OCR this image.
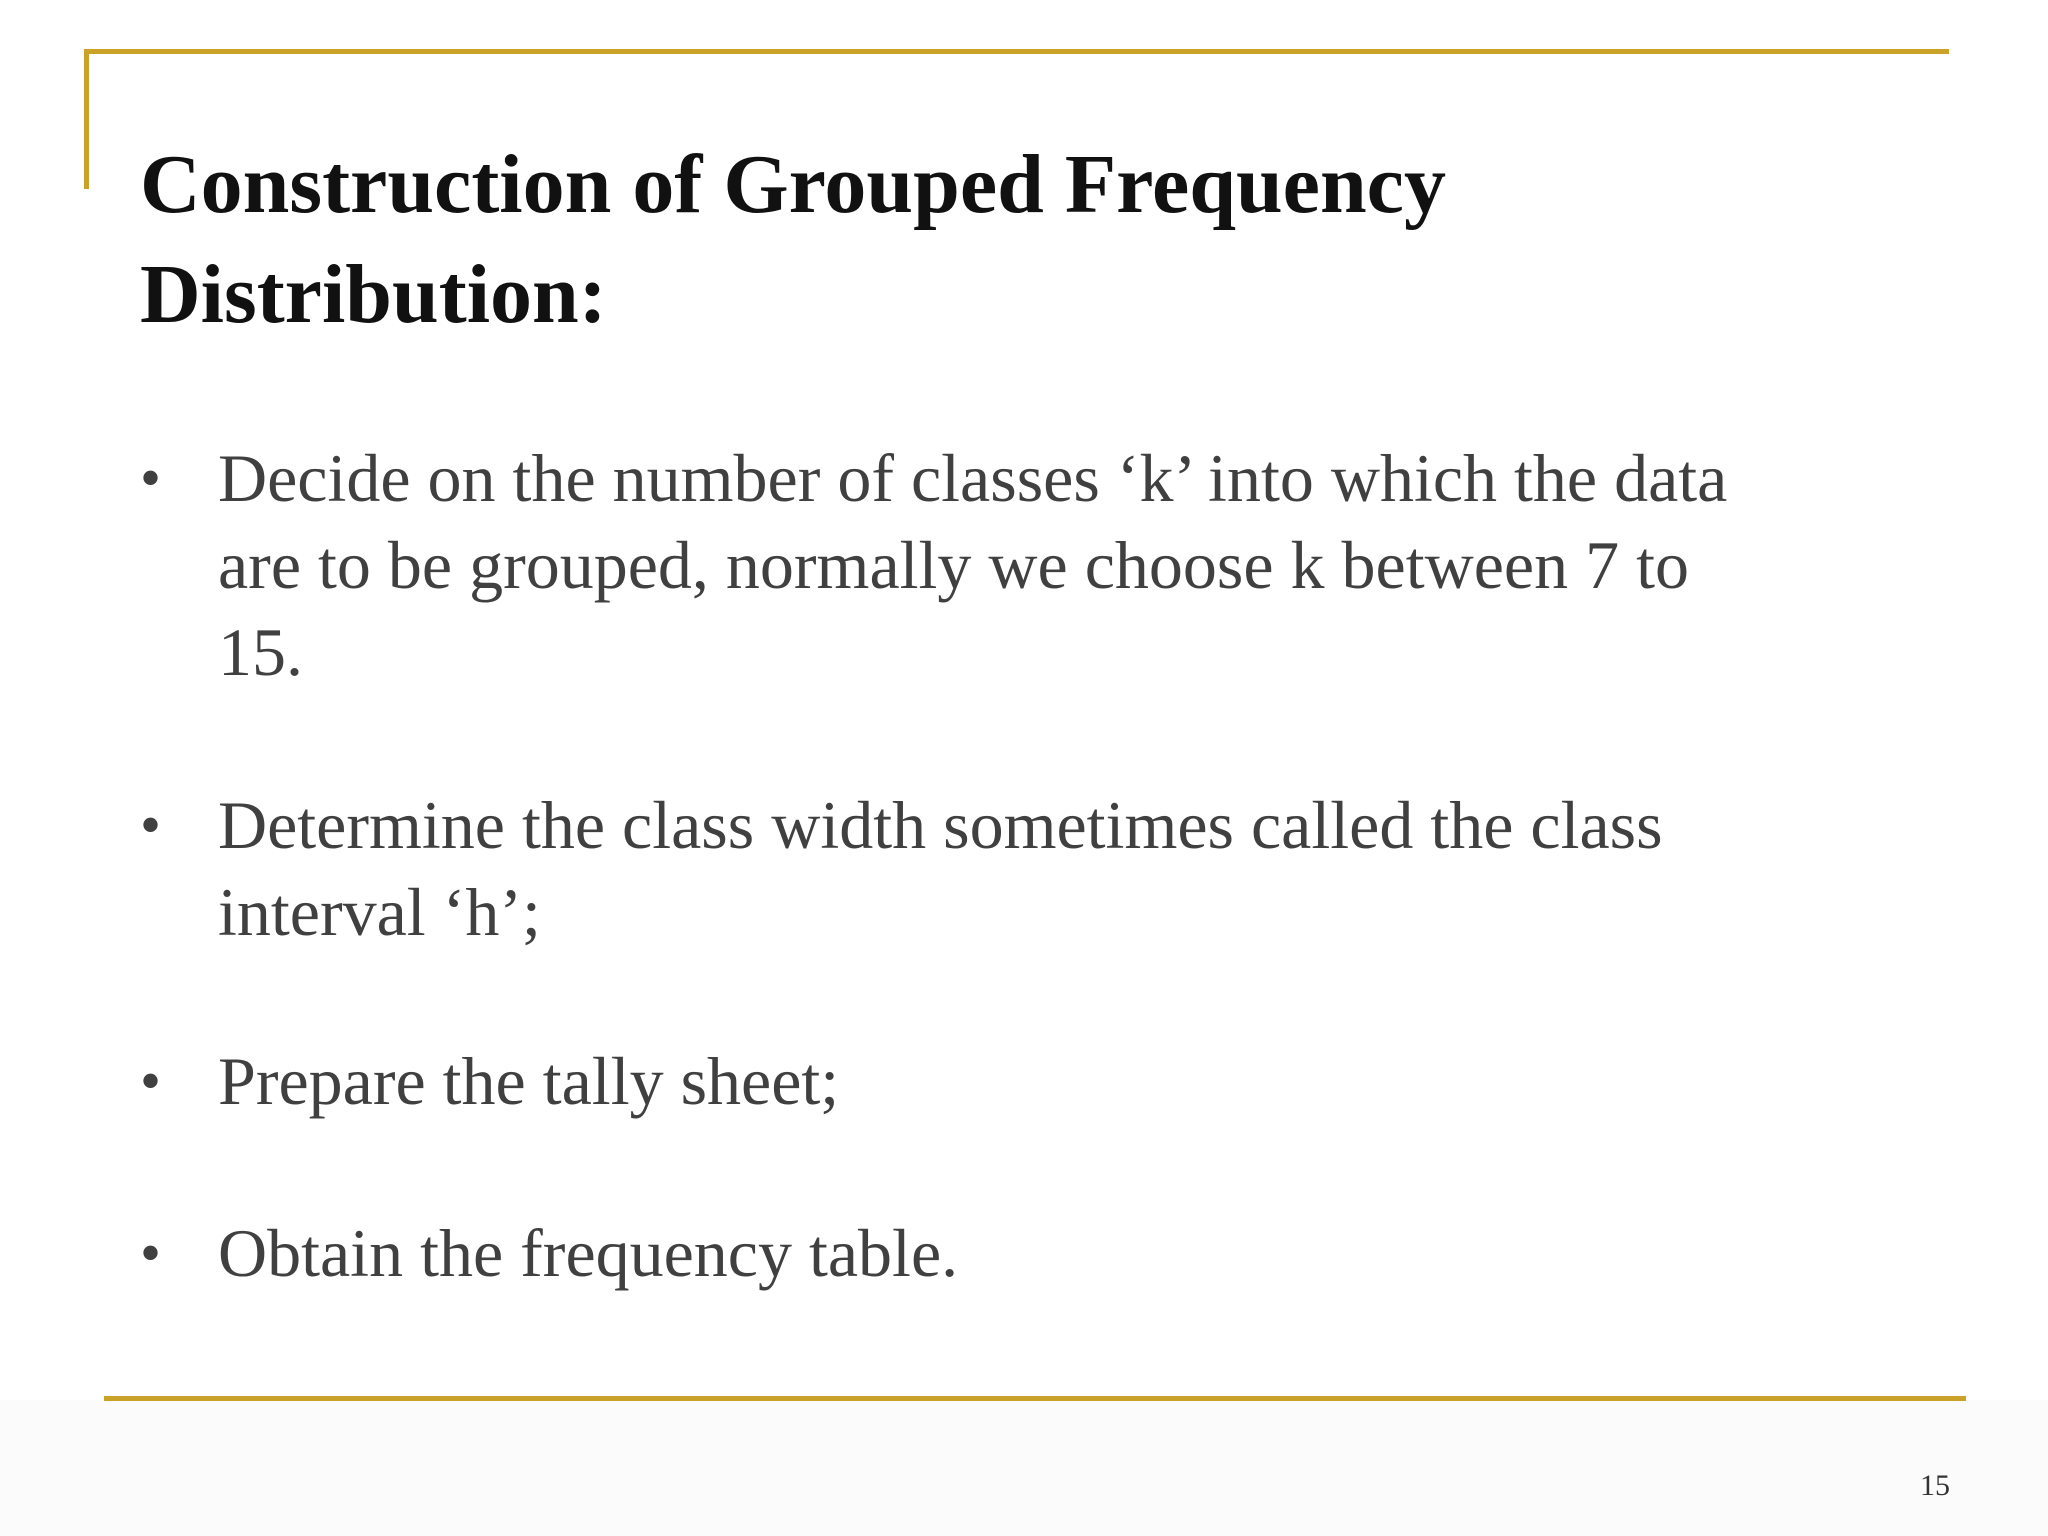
Construction of Grouped Frequency
Distribution:
• Decide on the number of classes ‘k’ into which the data
are to be grouped, normally we choose k between 7 to
15.
• Determine the class width sometimes called the class
interval ‘h’;
• Prepare the tally sheet;
• Obtain the frequency table.
15
